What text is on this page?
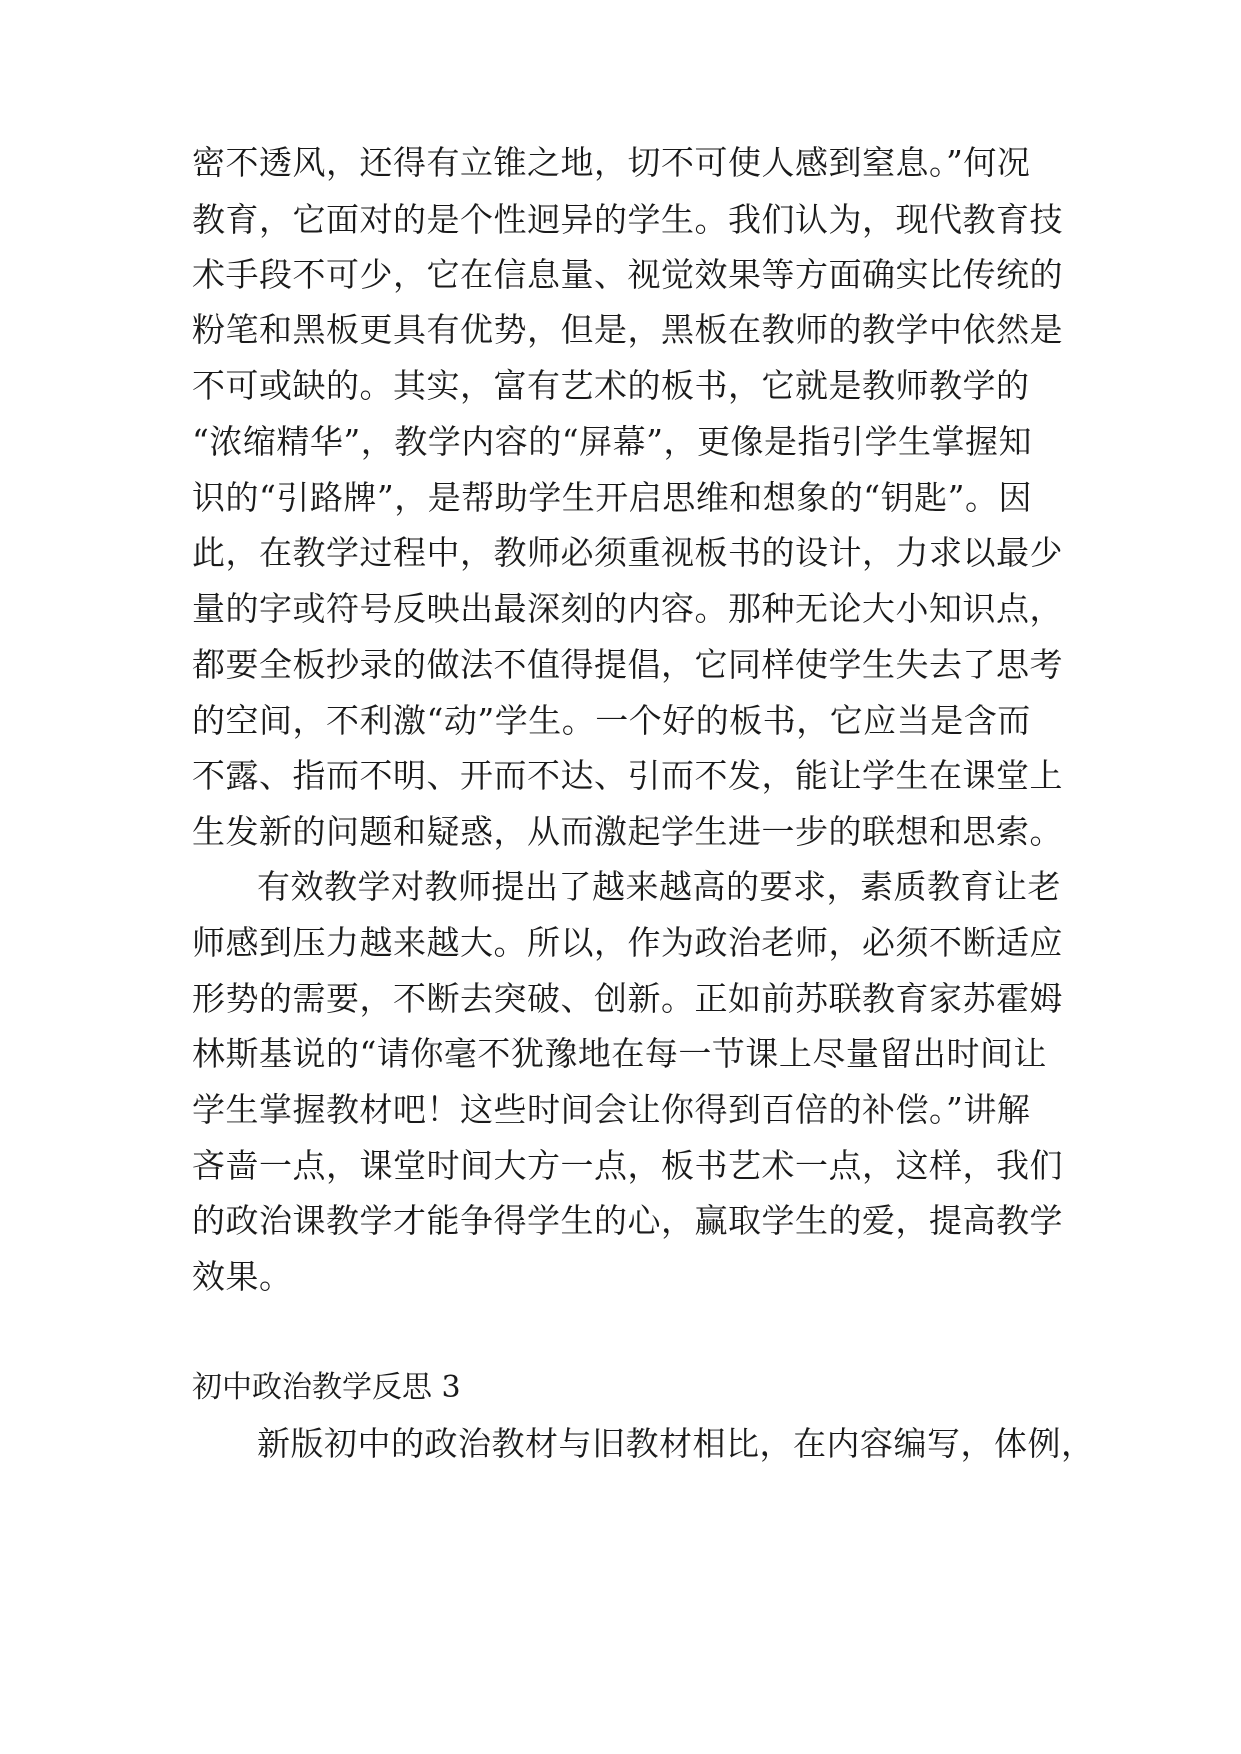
密不透风，还得有立锥之地，切不可使人感到窒息。”何况
教育，它面对的是个性迥异的学生。我们认为，现代教育技
术手段不可少，它在信息量、视觉效果等方面确实比传统的
粉笔和黑板更具有优势，但是，黑板在教师的教学中依然是
不可或缺的。其实，富有艺术的板书，它就是教师教学的
“浓缩精华”，教学内容的“屏幕”，更像是指引学生掌握知
识的“引路牌”，是帮助学生开启思维和想象的“钥匙”。因
此，在教学过程中，教师必须重视板书的设计，力求以最少
量的字或符号反映出最深刻的内容。那种无论大小知识点，
都要全板抄录的做法不值得提倡，它同样使学生失去了思考
的空间，不利激“动”学生。一个好的板书，它应当是含而
不露、指而不明、开而不达、引而不发，能让学生在课堂上
生发新的问题和疑惑，从而激起学生进一步的联想和思索。
有效教学对教师提出了越来越高的要求，素质教育让老
师感到压力越来越大。所以，作为政治老师，必须不断适应
形势的需要，不断去突破、创新。正如前苏联教育家苏霍姆
林斯基说的“请你毫不犹豫地在每一节课上尽量留出时间让
学生掌握教材吧！这些时间会让你得到百倍的补偿。”讲解
吝啬一点，课堂时间大方一点，板书艺术一点，这样，我们
的政治课教学才能争得学生的心，赢取学生的爱，提高教学
效果。
初中政治教学反思 3
新版初中的政治教材与旧教材相比，在内容编写，体例，
